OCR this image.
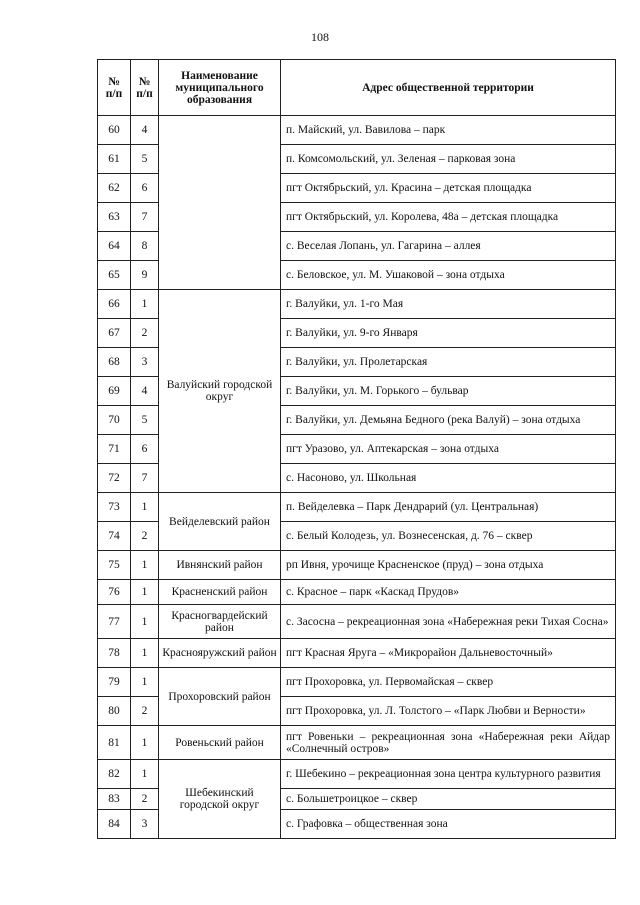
108
№ п/п	№ п/п	Наименование муниципального образования	Адрес общественной территории
60	4		п. Майский, ул. Вавилова – парк
61	5		п. Комсомольский, ул. Зеленая – парковая зона
62	6		пгт Октябрьский, ул. Красина – детская площадка
63	7		пгт Октябрьский, ул. Королева, 48а – детская площадка
64	8		с. Веселая Лопань, ул. Гагарина – аллея
65	9		с. Беловское, ул. М. Ушаковой – зона отдыха
66	1	Валуйский городской округ	г. Валуйки, ул. 1-го Мая
67	2		г. Валуйки, ул. 9-го Января
68	3		г. Валуйки, ул. Пролетарская
69	4		г. Валуйки, ул. М. Горького – бульвар
70	5		г. Валуйки, ул. Демьяна Бедного (река Валуй) – зона отдыха
71	6		пгт Уразово, ул. Аптекарская – зона отдыха
72	7		с. Насоново, ул. Школьная
73	1	Вейделевский район	п. Вейделевка – Парк Дендрарий (ул. Центральная)
74	2		с. Белый Колодезь, ул. Вознесенская, д. 76 – сквер
75	1	Ивнянский район	рп Ивня, урочище Красненское (пруд) – зона отдыха
76	1	Красненский район	с. Красное – парк «Каскад Прудов»
77	1	Красногвардейский район	с. Засосна – рекреационная зона «Набережная реки Тихая Сосна»
78	1	Краснояружский район	пгт Красная Яруга – «Микрорайон Дальневосточный»
79	1	Прохоровский район	пгт Прохоровка, ул. Первомайская – сквер
80	2		пгт Прохоровка, ул. Л. Толстого – «Парк Любви и Верности»
81	1	Ровеньский район	пгт Ровеньки – рекреационная зона «Набережная реки Айдар «Солнечный остров»
82	1	Шебекинский городской округ	г. Шебекино – рекреационная зона центра культурного развития
83	2		с. Большетроицкое – сквер
84	3		с. Графовка – общественная зона
